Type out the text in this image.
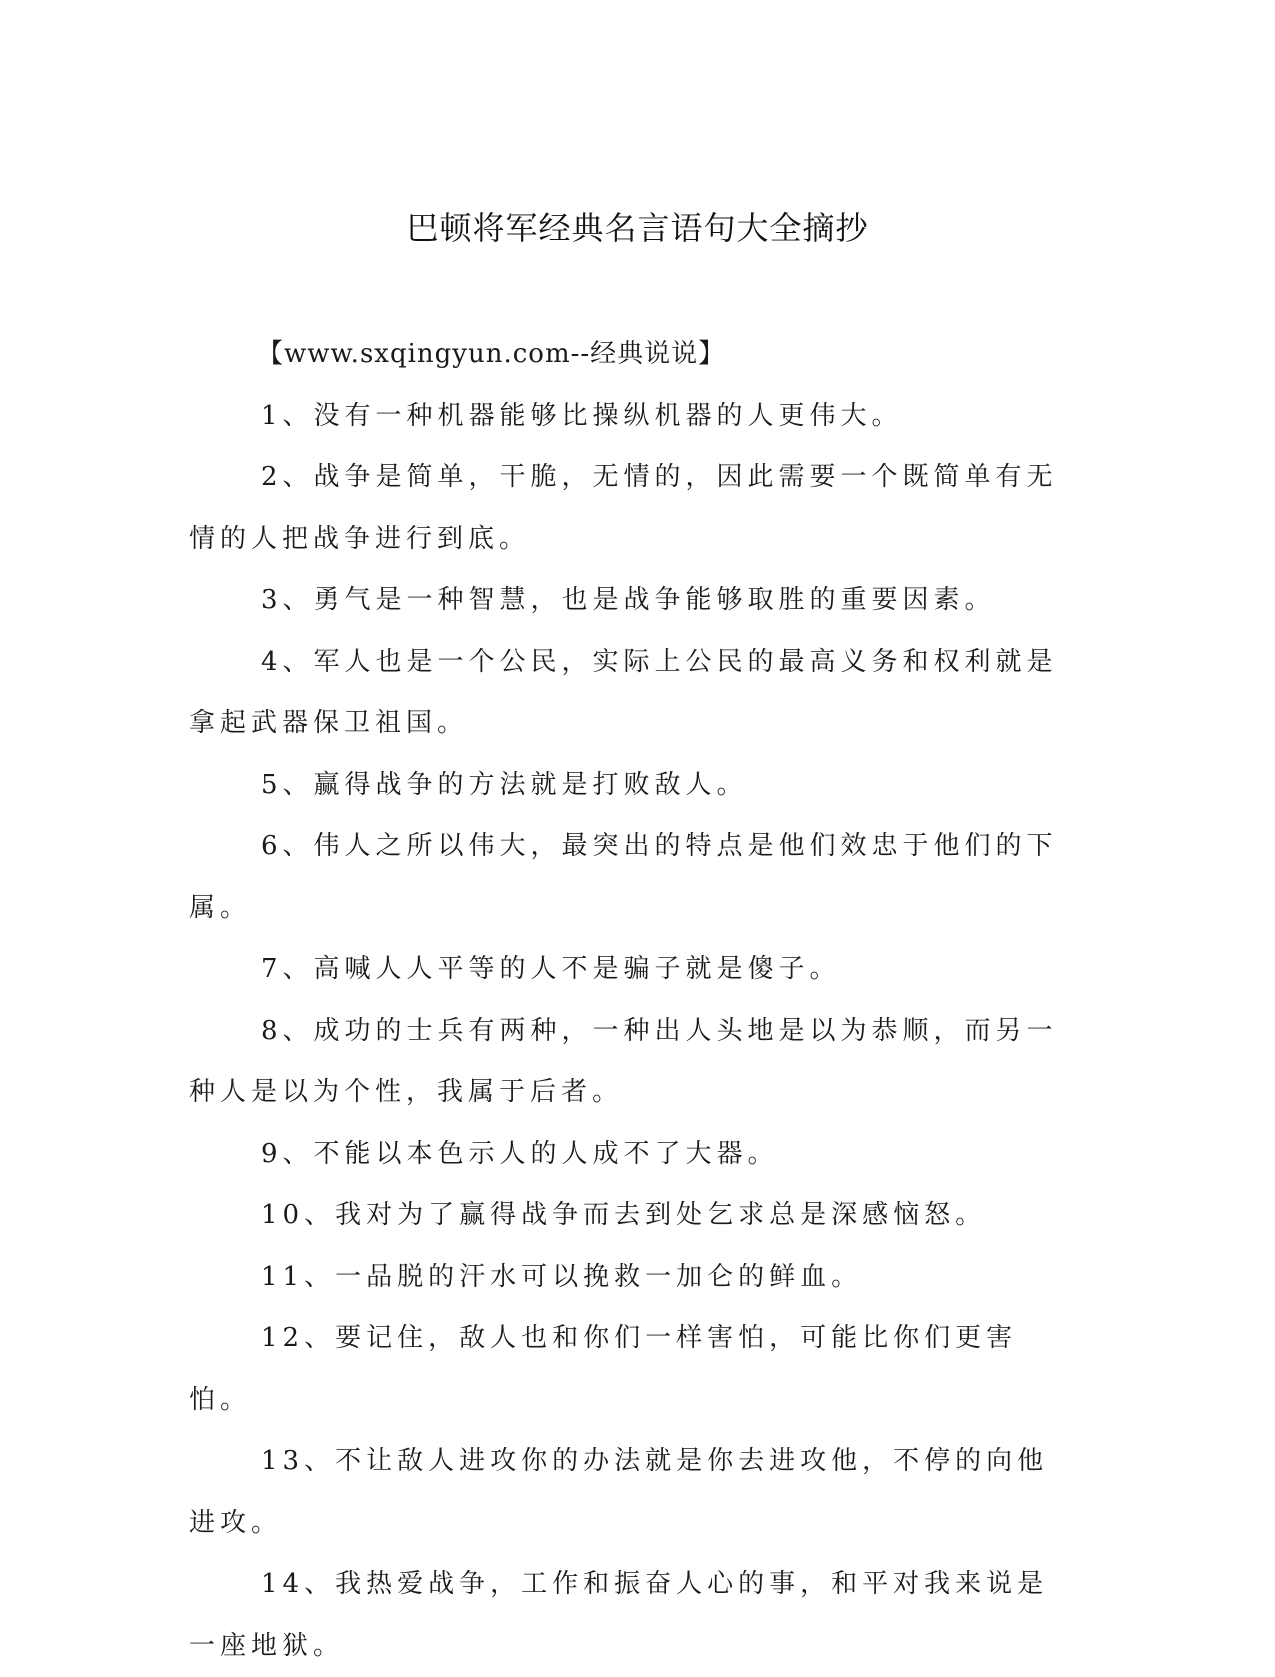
巴顿将军经典名言语句大全摘抄

【www.sxqingyun.com--经典说说】

1、没有一种机器能够比操纵机器的人更伟大。

2、战争是简单，干脆，无情的，因此需要一个既简单有无情的人把战争进行到底。

3、勇气是一种智慧，也是战争能够取胜的重要因素。

4、军人也是一个公民，实际上公民的最高义务和权利就是拿起武器保卫祖国。

5、赢得战争的方法就是打败敌人。

6、伟人之所以伟大，最突出的特点是他们效忠于他们的下属。

7、高喊人人平等的人不是骗子就是傻子。

8、成功的士兵有两种，一种出人头地是以为恭顺，而另一种人是以为个性，我属于后者。

9、不能以本色示人的人成不了大器。

10、我对为了赢得战争而去到处乞求总是深感恼怒。

11、一品脱的汗水可以挽救一加仑的鲜血。

12、要记住，敌人也和你们一样害怕，可能比你们更害怕。

13、不让敌人进攻你的办法就是你去进攻他，不停的向他进攻。

14、我热爱战争，工作和振奋人心的事，和平对我来说是一座地狱。
